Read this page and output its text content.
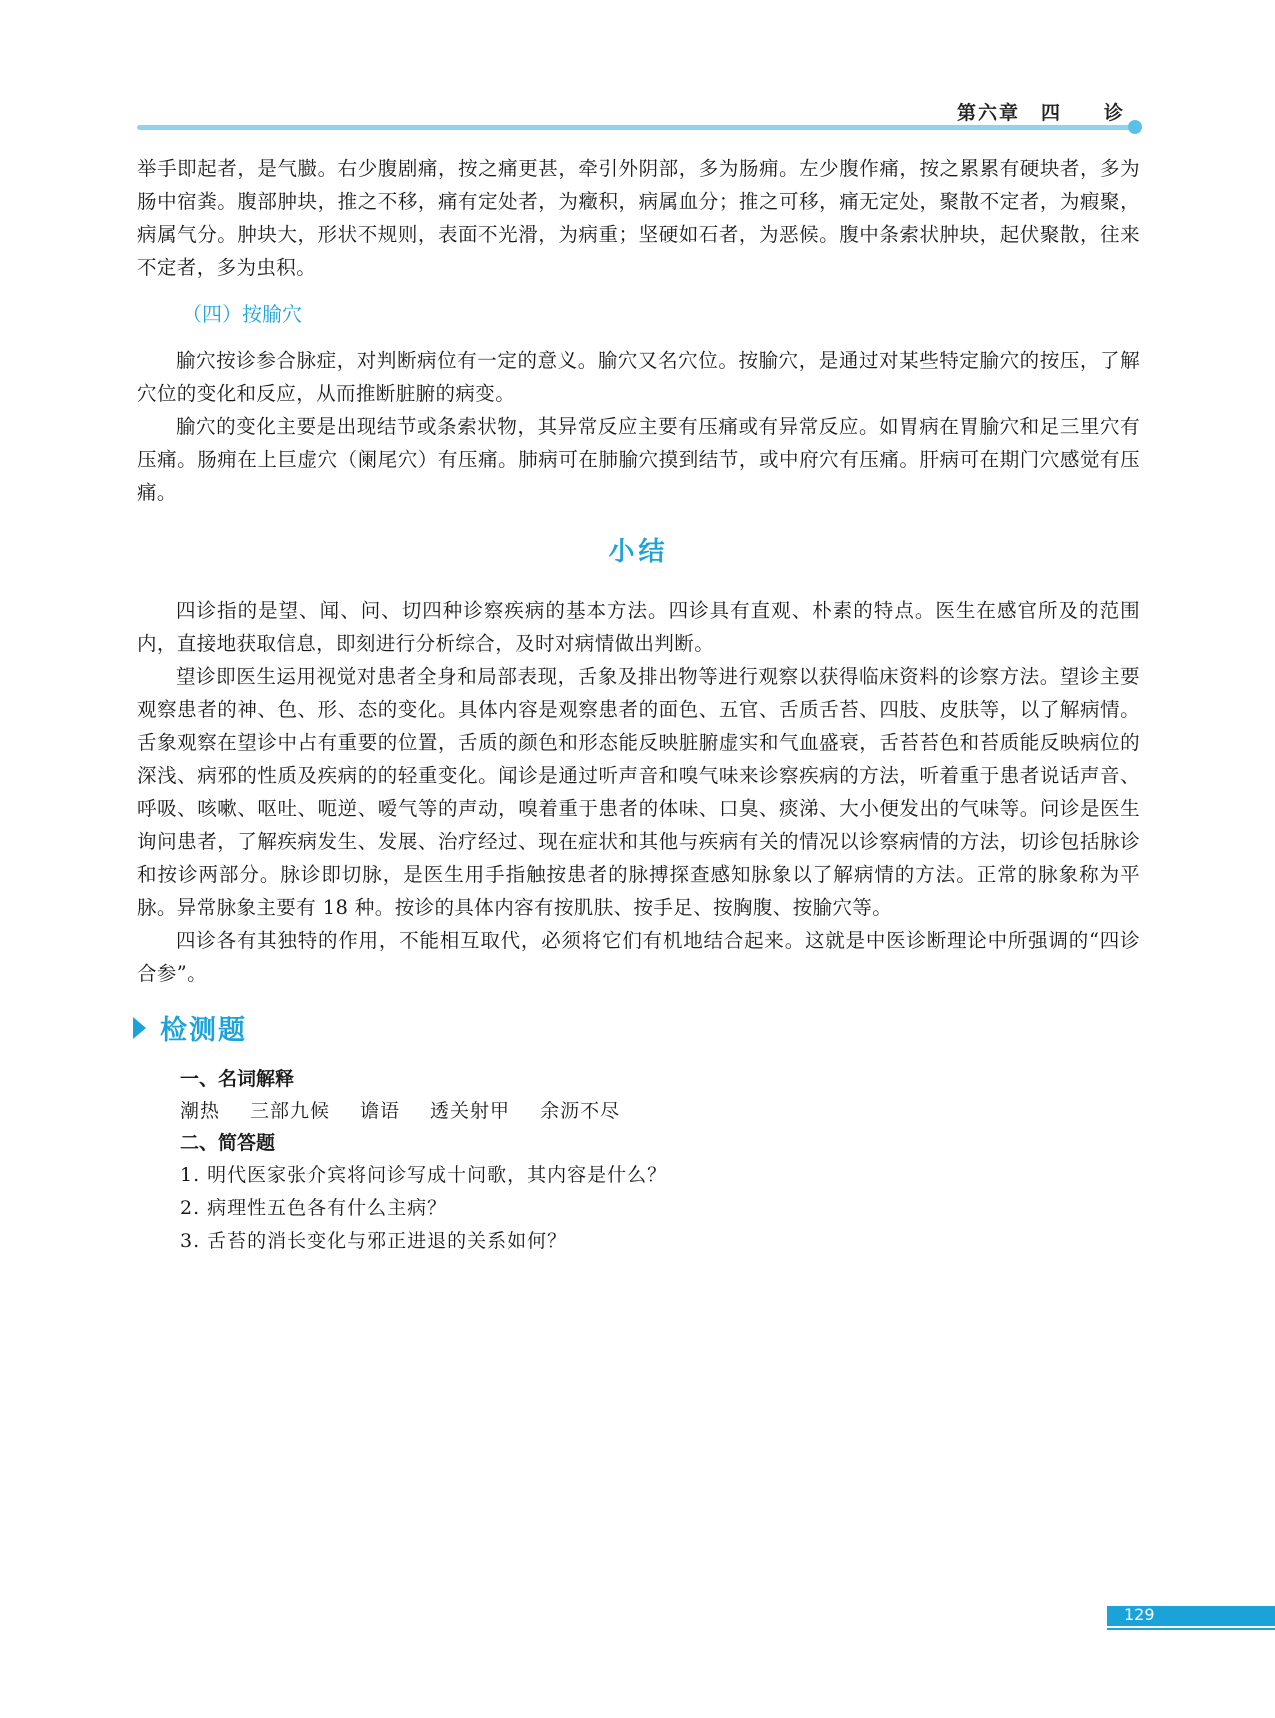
第六章　四　　诊

举手即起者，是气臌。右少腹剧痛，按之痛更甚，牵引外阴部，多为肠痈。左少腹作痛，按之累累有硬块者，多为肠中宿粪。腹部肿块，推之不移，痛有定处者，为癥积，病属血分；推之可移，痛无定处，聚散不定者，为瘕聚，病属气分。肿块大，形状不规则，表面不光滑，为病重；坚硬如石者，为恶候。腹中条索状肿块，起伏聚散，往来不定者，多为虫积。

（四）按腧穴

腧穴按诊参合脉症，对判断病位有一定的意义。腧穴又名穴位。按腧穴，是通过对某些特定腧穴的按压，了解穴位的变化和反应，从而推断脏腑的病变。

腧穴的变化主要是出现结节或条索状物，其异常反应主要有压痛或有异常反应。如胃病在胃腧穴和足三里穴有压痛。肠痈在上巨虚穴（阑尾穴）有压痛。肺病可在肺腧穴摸到结节，或中府穴有压痛。肝病可在期门穴感觉有压痛。

小结

四诊指的是望、闻、问、切四种诊察疾病的基本方法。四诊具有直观、朴素的特点。医生在感官所及的范围内，直接地获取信息，即刻进行分析综合，及时对病情做出判断。

望诊即医生运用视觉对患者全身和局部表现，舌象及排出物等进行观察以获得临床资料的诊察方法。望诊主要观察患者的神、色、形、态的变化。具体内容是观察患者的面色、五官、舌质舌苔、四肢、皮肤等，以了解病情。舌象观察在望诊中占有重要的位置，舌质的颜色和形态能反映脏腑虚实和气血盛衰，舌苔苔色和苔质能反映病位的深浅、病邪的性质及疾病的的轻重变化。闻诊是通过听声音和嗅气味来诊察疾病的方法，听着重于患者说话声音、呼吸、咳嗽、呕吐、呃逆、嗳气等的声动，嗅着重于患者的体味、口臭、痰涕、大小便发出的气味等。问诊是医生询问患者，了解疾病发生、发展、治疗经过、现在症状和其他与疾病有关的情况以诊察病情的方法，切诊包括脉诊和按诊两部分。脉诊即切脉，是医生用手指触按患者的脉搏探查感知脉象以了解病情的方法。正常的脉象称为平脉。异常脉象主要有 18 种。按诊的具体内容有按肌肤、按手足、按胸腹、按腧穴等。

四诊各有其独特的作用，不能相互取代，必须将它们有机地结合起来。这就是中医诊断理论中所强调的“四诊合参”。

检测题
一、名词解释
潮热 三部九候 谵语 透关射甲 余沥不尽
二、简答题
1. 明代医家张介宾将问诊写成十问歌，其内容是什么？
2. 病理性五色各有什么主病？
3. 舌苔的消长变化与邪正进退的关系如何？
129
